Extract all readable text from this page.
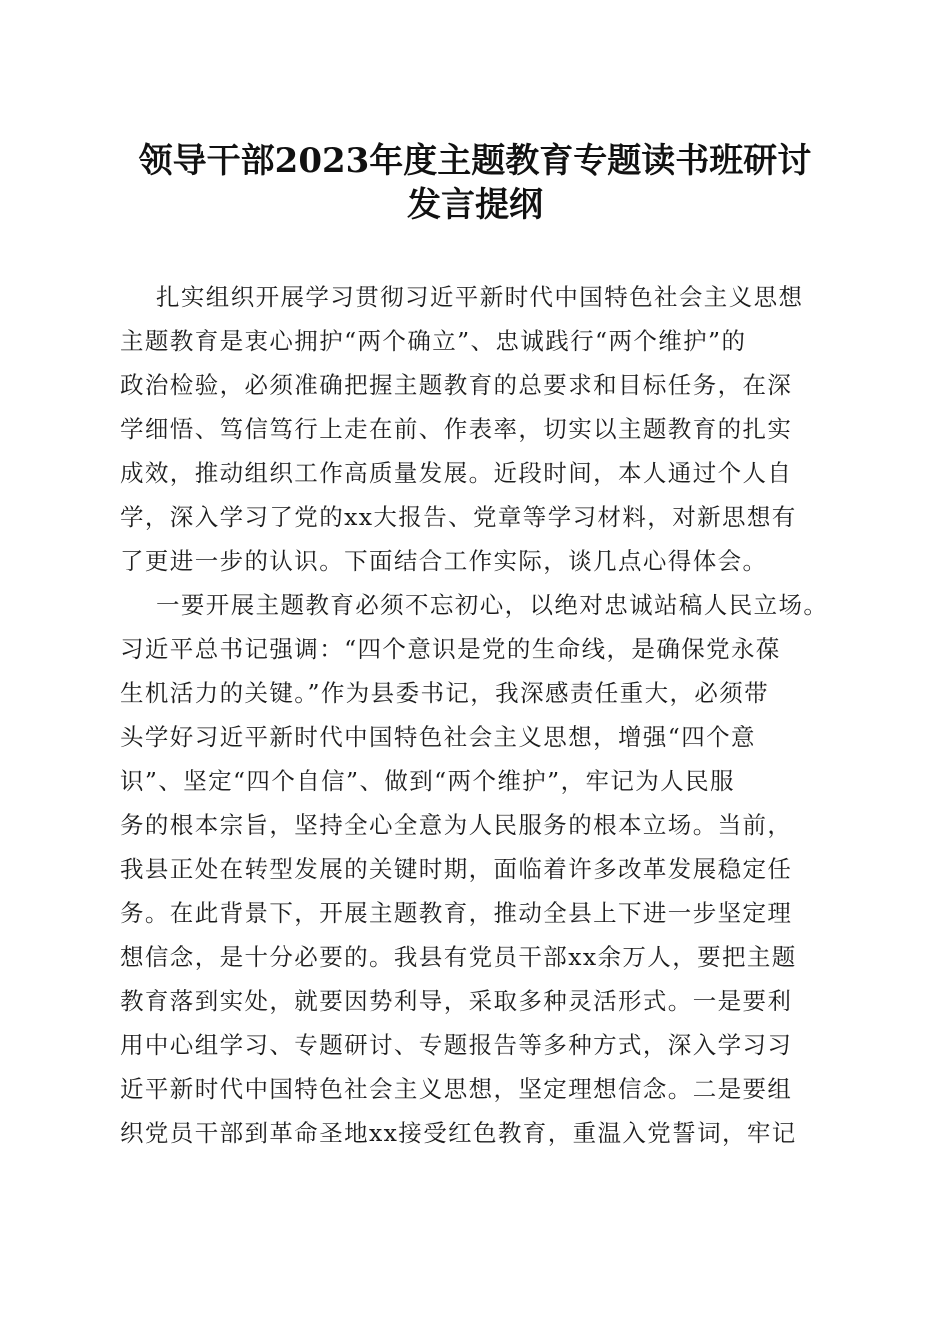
领导干部2023年度主题教育专题读书班研讨
发言提纲
扎实组织开展学习贯彻习近平新时代中国特色社会主义思想
主题教育是衷心拥护“两个确立”、忠诚践行“两个维护”的
政治检验，必须准确把握主题教育的总要求和目标任务，在深
学细悟、笃信笃行上走在前、作表率，切实以主题教育的扎实
成效，推动组织工作高质量发展。近段时间，本人通过个人自
学，深入学习了党的xx大报告、党章等学习材料，对新思想有
了更进一步的认识。下面结合工作实际，谈几点心得体会。
一要开展主题教育必须不忘初心，以绝对忠诚站稿人民立场。
习近平总书记强调：“四个意识是党的生命线，是确保党永葆
生机活力的关键。”作为县委书记，我深感责任重大，必须带
头学好习近平新时代中国特色社会主义思想，增强“四个意
识”、坚定“四个自信”、做到“两个维护”，牢记为人民服
务的根本宗旨，坚持全心全意为人民服务的根本立场。当前，
我县正处在转型发展的关键时期，面临着许多改革发展稳定任
务。在此背景下，开展主题教育，推动全县上下进一步坚定理
想信念，是十分必要的。我县有党员干部xx余万人，要把主题
教育落到实处，就要因势利导，采取多种灵活形式。一是要利
用中心组学习、专题研讨、专题报告等多种方式，深入学习习
近平新时代中国特色社会主义思想，坚定理想信念。二是要组
织党员干部到革命圣地xx接受红色教育，重温入党誓词，牢记
